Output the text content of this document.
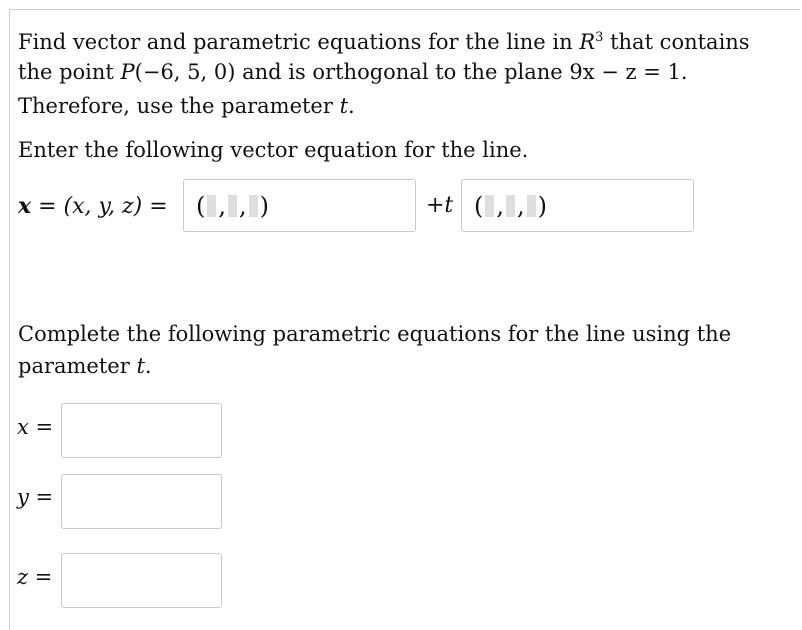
Find vector and parametric equations for the line in $R^3$ that contains
the point P(−6, 5, 0) and is orthogonal to the plane 9x − z = 1.
Therefore, use the parameter t.
Enter the following vector equation for the line.
x = (x, y, z) = ( , , )	+t ( , , )
Complete the following parametric equations for the line using the
parameter t.
x =
y =
z =
